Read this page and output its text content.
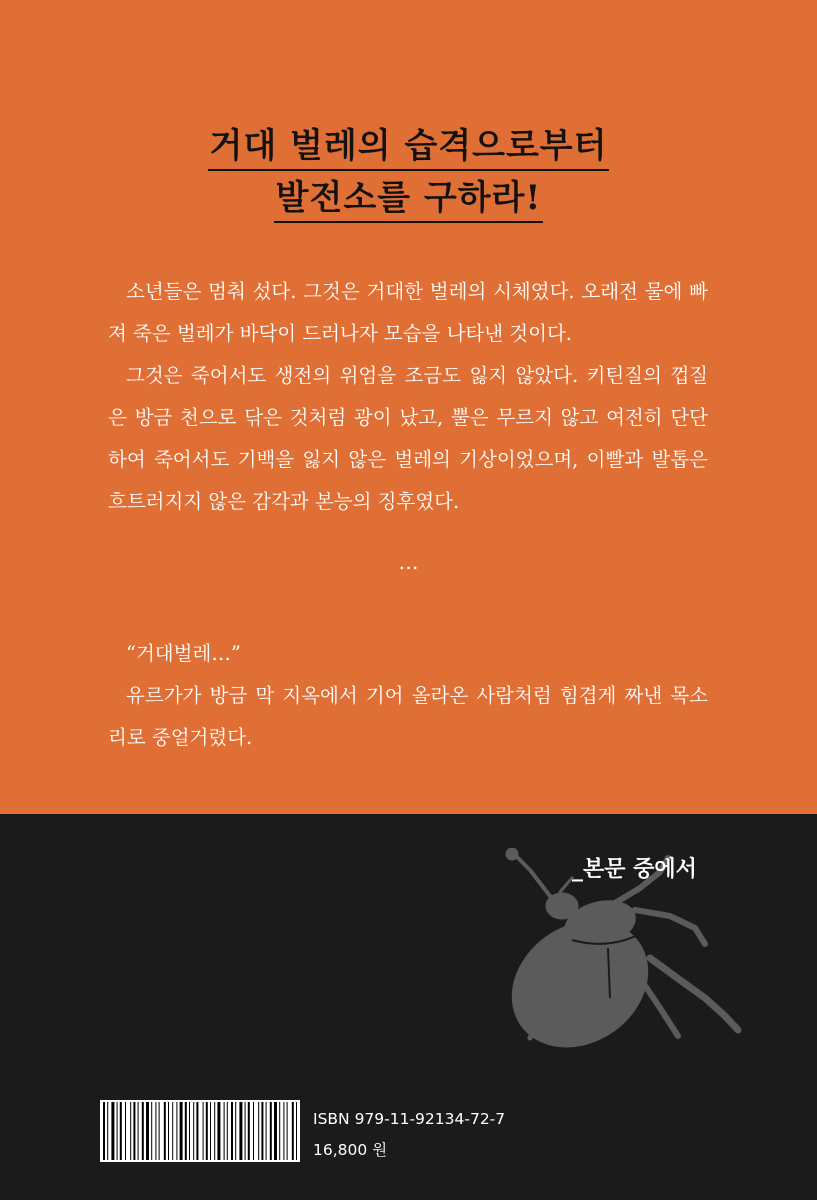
거대 벌레의 습격으로부터
발전소를 구하라!

소년들은 멈춰 섰다. 그것은 거대한 벌레의 시체였다. 오래전 물에 빠져 죽은 벌레가 바닥이 드러나자 모습을 나타낸 것이다.

그것은 죽어서도 생전의 위엄을 조금도 잃지 않았다. 키틴질의 껍질은 방금 천으로 닦은 것처럼 광이 났고, 뿔은 무르지 않고 여전히 단단하여 죽어서도 기백을 잃지 않은 벌레의 기상이었으며, 이빨과 발톱은 흐트러지지 않은 감각과 본능의 징후였다.

…

“거대벌레…”

유르가가 방금 막 지옥에서 기어 올라온 사람처럼 힘겹게 짜낸 목소리로 중얼거렸다.

_본문 중에서
ISBN 979-11-92134-72-7
16,800 원
